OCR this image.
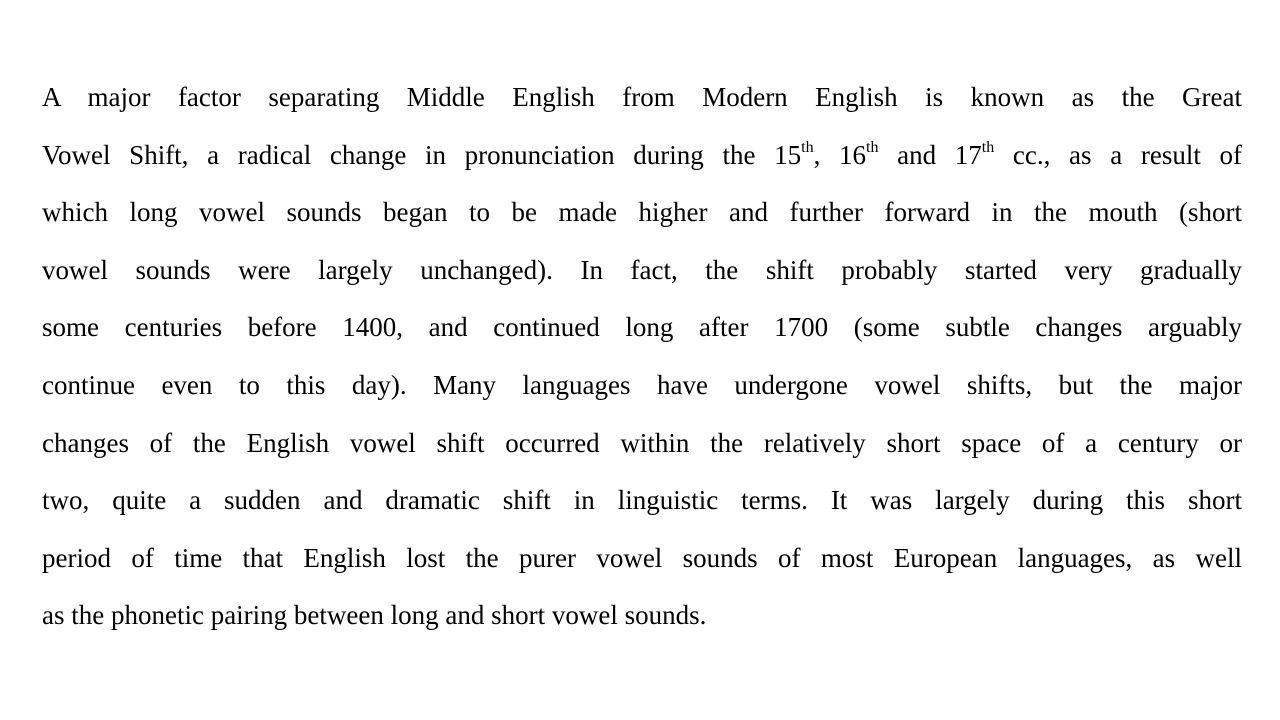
A major factor separating Middle English from Modern English is known as the Great
Vowel Shift, a radical change in pronunciation during the 15th, 16th and 17th cc., as a result of
which long vowel sounds began to be made higher and further forward in the mouth (short
vowel sounds were largely unchanged). In fact, the shift probably started very gradually
some centuries before 1400, and continued long after 1700 (some subtle changes arguably
continue even to this day). Many languages have undergone vowel shifts, but the major
changes of the English vowel shift occurred within the relatively short space of a century or
two, quite a sudden and dramatic shift in linguistic terms. It was largely during this short
period of time that English lost the purer vowel sounds of most European languages, as well
as the phonetic pairing between long and short vowel sounds.
